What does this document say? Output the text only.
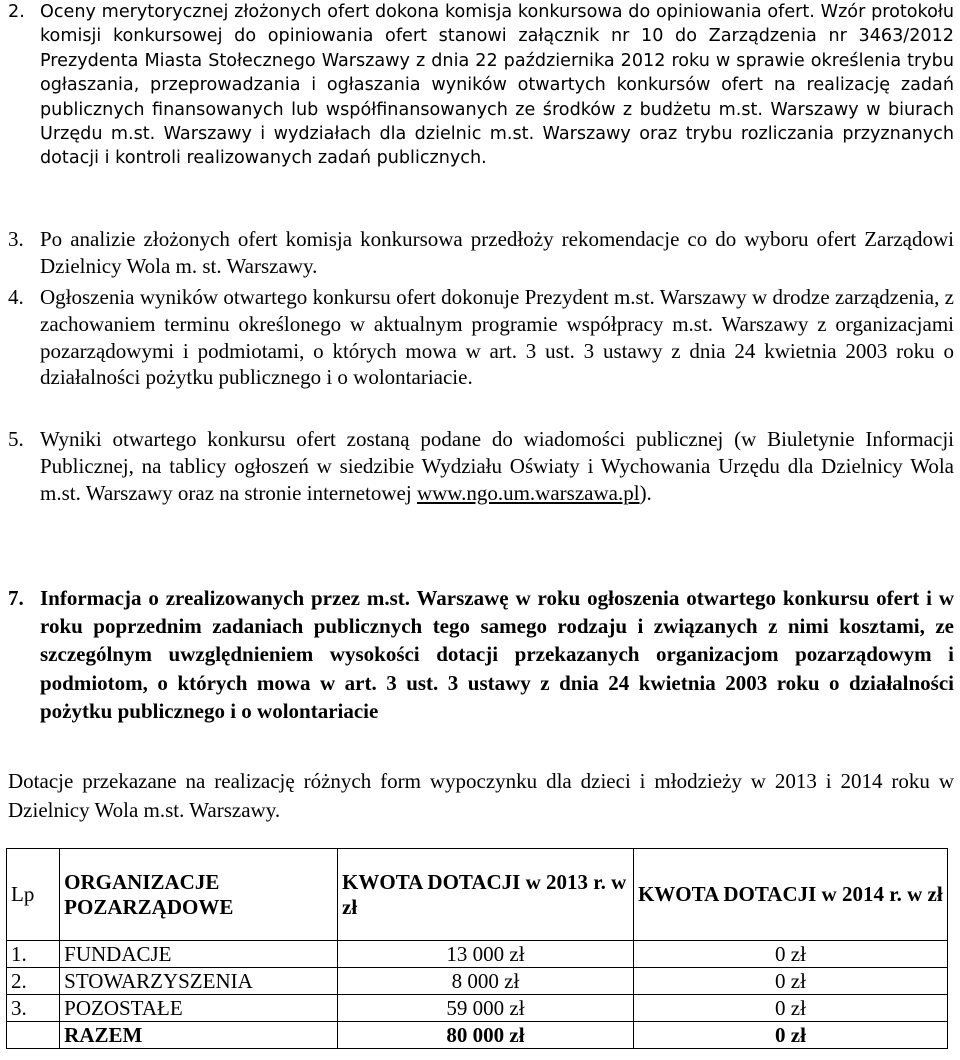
2. Oceny merytorycznej złożonych ofert dokona komisja konkursowa do opiniowania ofert. Wzór protokołu komisji konkursowej do opiniowania ofert stanowi załącznik nr 10 do Zarządzenia nr 3463/2012 Prezydenta Miasta Stołecznego Warszawy z dnia 22 października 2012 roku w sprawie określenia trybu ogłaszania, przeprowadzania i ogłaszania wyników otwartych konkursów ofert na realizację zadań publicznych finansowanych lub współfinansowanych ze środków z budżetu m.st. Warszawy w biurach Urzędu m.st. Warszawy i wydziałach dla dzielnic m.st. Warszawy oraz trybu rozliczania przyznanych dotacji i kontroli realizowanych zadań publicznych.
3. Po analizie złożonych ofert komisja konkursowa przedłoży rekomendacje co do wyboru ofert Zarządowi Dzielnicy Wola m. st. Warszawy.
4. Ogłoszenia wyników otwartego konkursu ofert dokonuje Prezydent m.st. Warszawy w drodze zarządzenia, z zachowaniem terminu określonego w aktualnym programie współpracy m.st. Warszawy z organizacjami pozarządowymi i podmiotami, o których mowa w art. 3 ust. 3 ustawy z dnia 24 kwietnia 2003 roku o działalności pożytku publicznego i o wolontariacie.
5. Wyniki otwartego konkursu ofert zostaną podane do wiadomości publicznej (w Biuletynie Informacji Publicznej, na tablicy ogłoszeń w siedzibie Wydziału Oświaty i Wychowania Urzędu dla Dzielnicy Wola m.st. Warszawy oraz na stronie internetowej www.ngo.um.warszawa.pl).
7. Informacja o zrealizowanych przez m.st. Warszawę w roku ogłoszenia otwartego konkursu ofert i w roku poprzednim zadaniach publicznych tego samego rodzaju i związanych z nimi kosztami, ze szczególnym uwzględnieniem wysokości dotacji przekazanych organizacjom pozarządowym i podmiotom, o których mowa w art. 3 ust. 3 ustawy z dnia 24 kwietnia 2003 roku o działalności pożytku publicznego i o wolontariacie
Dotacje przekazane na realizację różnych form wypoczynku dla dzieci i młodzieży w 2013 i 2014 roku w Dzielnicy Wola m.st. Warszawy.
Lp	ORGANIZACJE POZARZĄDOWE	KWOTA DOTACJI w 2013 r. w zł	KWOTA DOTACJI w 2014 r. w zł
1.	FUNDACJE	13 000 zł	0 zł
2.	STOWARZYSZENIA	8 000 zł	0 zł
3.	POZOSTAŁE	59 000 zł	0 zł
	RAZEM	80 000 zł	0 zł
